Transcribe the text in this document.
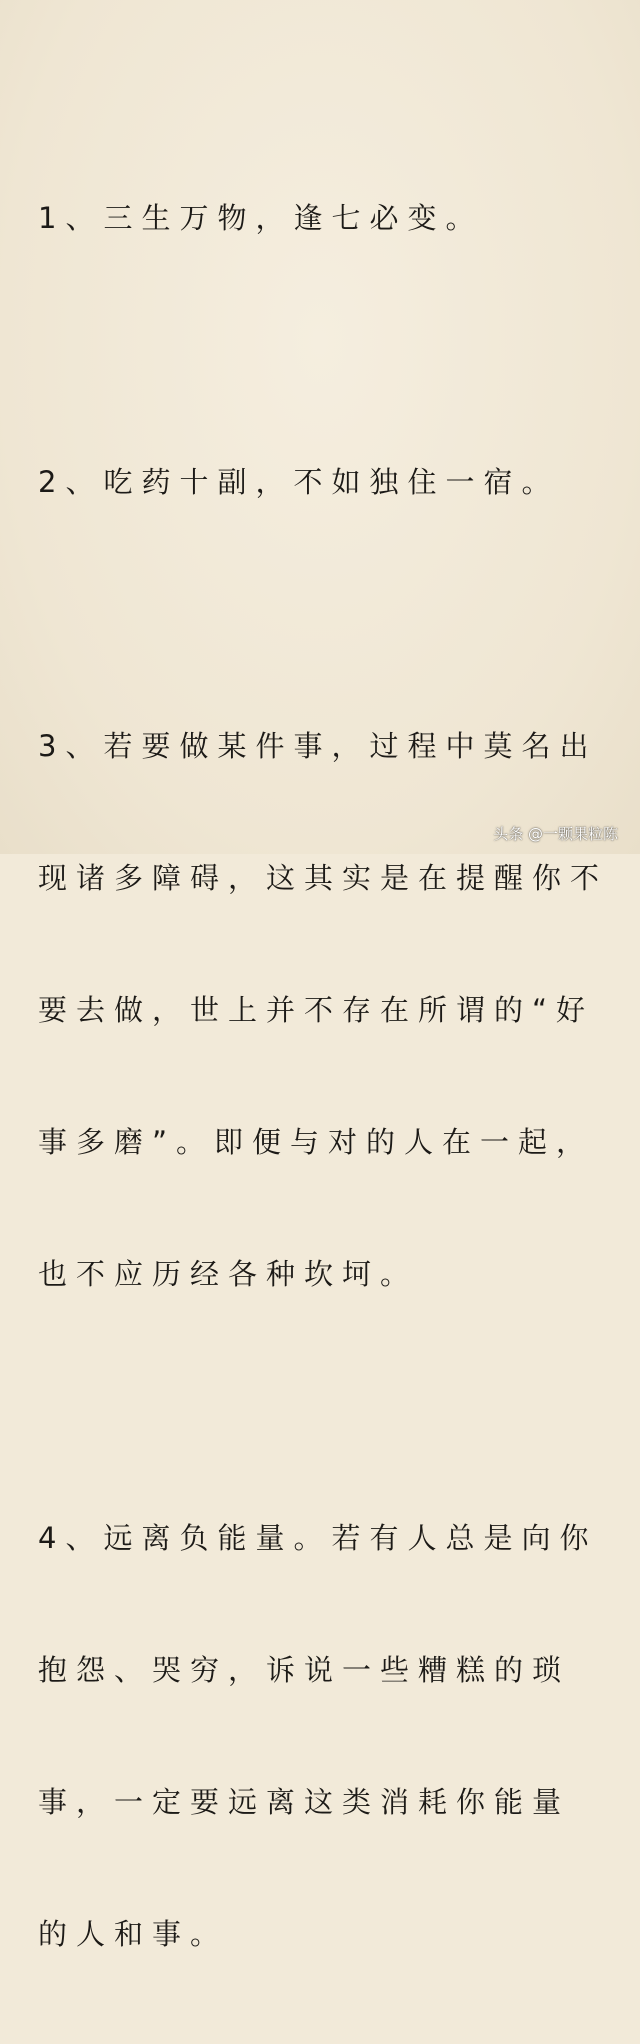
1、三生万物，逢七必变。

2、吃药十副，不如独住一宿。

3、若要做某件事，过程中莫名出

现诸多障碍，这其实是在提醒你不

要去做，世上并不存在所谓的“好

事多磨”。即便与对的人在一起，

也不应历经各种坎坷。

4、远离负能量。若有人总是向你

抱怨、哭穷，诉说一些糟糕的琐

事，一定要远离这类消耗你能量

的人和事。

头条 @一颗果粒陈
